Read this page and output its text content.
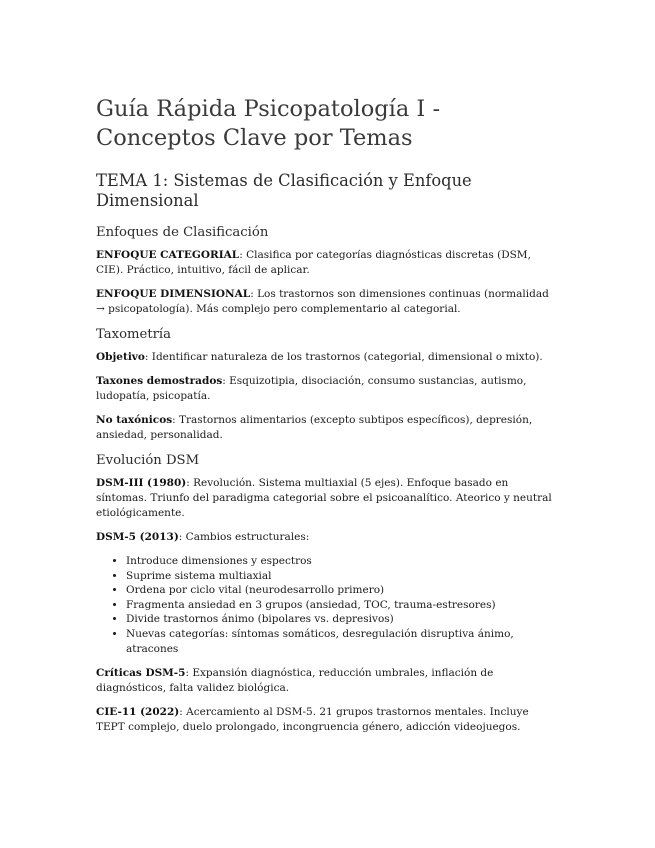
Guía Rápida Psicopatología I - Conceptos Clave por Temas
TEMA 1: Sistemas de Clasificación y Enfoque Dimensional
Enfoques de Clasificación

ENFOQUE CATEGORIAL: Clasifica por categorías diagnósticas discretas (DSM, CIE). Práctico, intuitivo, fácil de aplicar.

ENFOQUE DIMENSIONAL: Los trastornos son dimensiones continuas (normalidad → psicopatología). Más complejo pero complementario al categorial.

Taxometría

Objetivo: Identificar naturaleza de los trastornos (categorial, dimensional o mixto).

Taxones demostrados: Esquizotipia, disociación, consumo sustancias, autismo, ludopatía, psicopatía.

No taxónicos: Trastornos alimentarios (excepto subtipos específicos), depresión, ansiedad, personalidad.

Evolución DSM

DSM-III (1980): Revolución. Sistema multiaxial (5 ejes). Enfoque basado en síntomas. Triunfo del paradigma categorial sobre el psicoanalítico. Ateorico y neutral etiológicamente.

DSM-5 (2013): Cambios estructurales:

• Introduce dimensiones y espectros
• Suprime sistema multiaxial
• Ordena por ciclo vital (neurodesarrollo primero)
• Fragmenta ansiedad en 3 grupos (ansiedad, TOC, trauma-estresores)
• Divide trastornos ánimo (bipolares vs. depresivos)
• Nuevas categorías: síntomas somáticos, desregulación disruptiva ánimo, atracones

Críticas DSM-5: Expansión diagnóstica, reducción umbrales, inflación de diagnósticos, falta validez biológica.

CIE-11 (2022): Acercamiento al DSM-5. 21 grupos trastornos mentales. Incluye TEPT complejo, duelo prolongado, incongruencia género, adicción videojuegos.
